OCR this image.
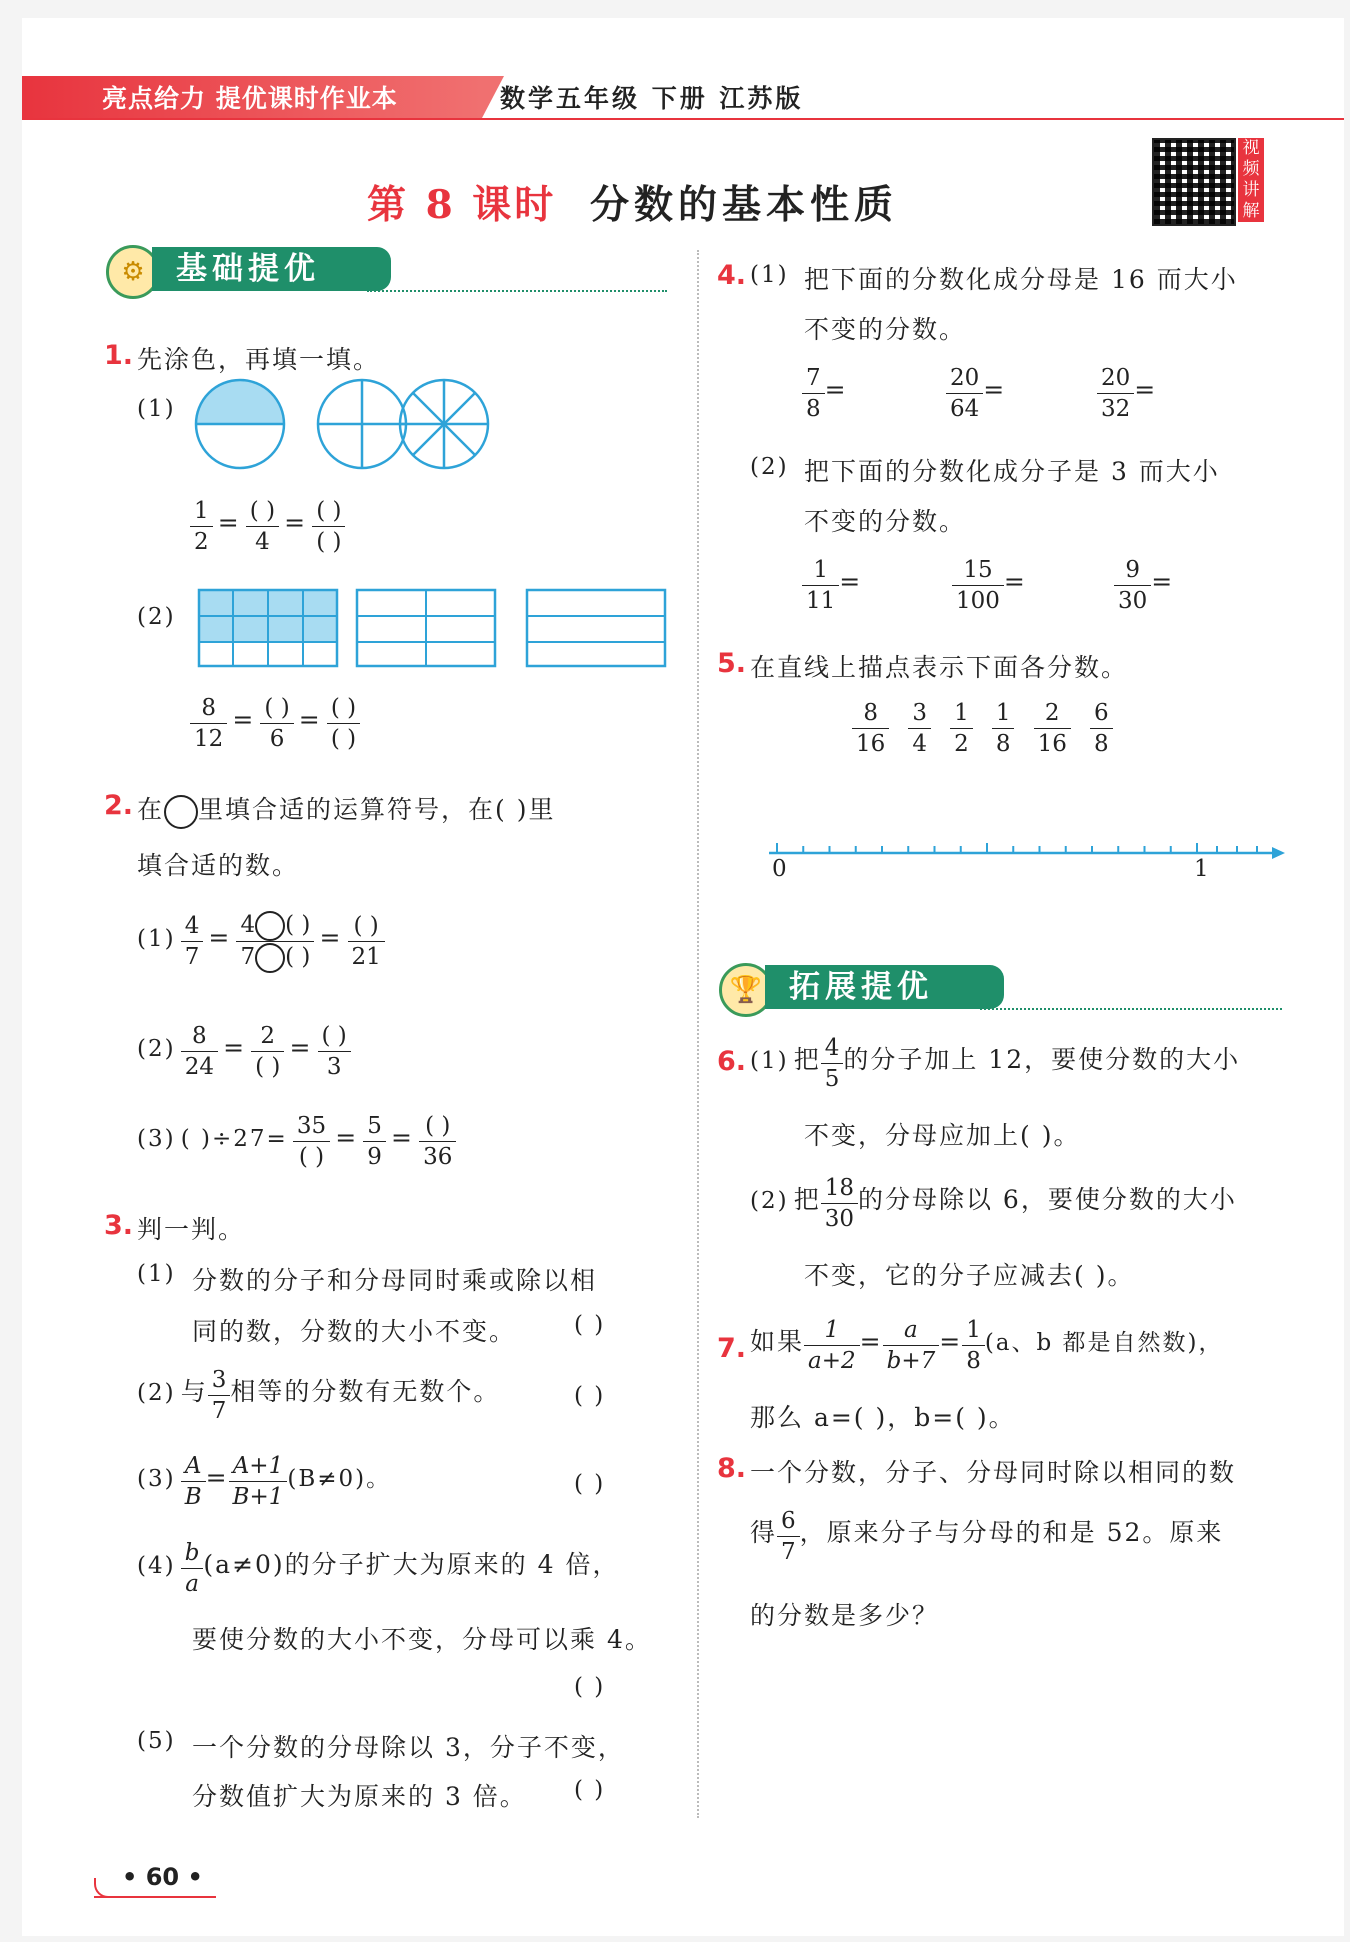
亮点给力 提优课时作业本	数学五年级 下册 江苏版
第 8 课时 分数的基本性质
视频讲解
⚙	基础提优
1. 先涂色，再填一填。
(1)
$\frac{1}{2} = \frac{( )}{4} = \frac{( )}{( )}$
(2)
$\frac{8}{12} = \frac{( )}{6} = \frac{( )}{( )}$
2. 在 里填合适的运算符号，在( )里
填合适的数。
$(1) \frac{4}{7} = \frac{4 ( )}{7 ( )} = \frac{( )}{21}$
$(2) \frac{8}{24} = \frac{2}{( )} = \frac{( )}{3}$
(3) ( )$\div 27= \frac{35}{( )} = \frac{5}{9} = \frac{( )}{36}$
3. 判一判。
(1) 分数的分子和分母同时乘或除以相
同的数，分数的大小不变。	( )
(2) 与 $\frac{3}{7}$ 相等的分数有无数个。	( )
$(3) \frac{A}{B} = \frac{A+1}{B+1} (B\ne 0)$。	( )
$(4) \frac{b}{a} (a\ne 0)$的分子扩大为原来的 4 倍，
要使分数的大小不变，分母可以乘 4。
( )
(5) 一个分数的分母除以 3，分子不变，
分数值扩大为原来的 3 倍。 ( )
4. (1) 把下面的分数化成分母是 16 而大小
不变的分数。
$\frac{7}{8}$ =	$\frac{20}{64}$ =	$\frac{20}{32}$ =
(2) 把下面的分数化成分子是 3 而大小
不变的分数。
$\frac{1}{11}$ =	$\frac{15}{100}$ =	$\frac{9}{30}$ =
5. 在直线上描点表示下面各分数。
$\frac{8}{16}$
$\frac{3}{4}$
$\frac{1}{2}$
$\frac{1}{8}$
$\frac{2}{16}$
$\frac{6}{8}$
0	1
🏆 拓展提优
6. (1) 把 $\frac{4}{5}$ 的分子加上 12，要使分数的大小
不变，分母应加上( )。
(2) 把 $\frac{18}{30}$ 的分母除以 6，要使分数的大小
不变，它的分子应减去( )。
7. 如果 $\frac{1}{a+2} = \frac{a}{b+7} = \frac{1}{8} (a$、b 都是自然数)，
那么 a=( )，b=( )。
8. 一个分数，分子、分母同时除以相同的数
得 $\frac{6}{7}$ ，原来分子与分母的和是 52。原来
的分数是多少？
• 60 •
